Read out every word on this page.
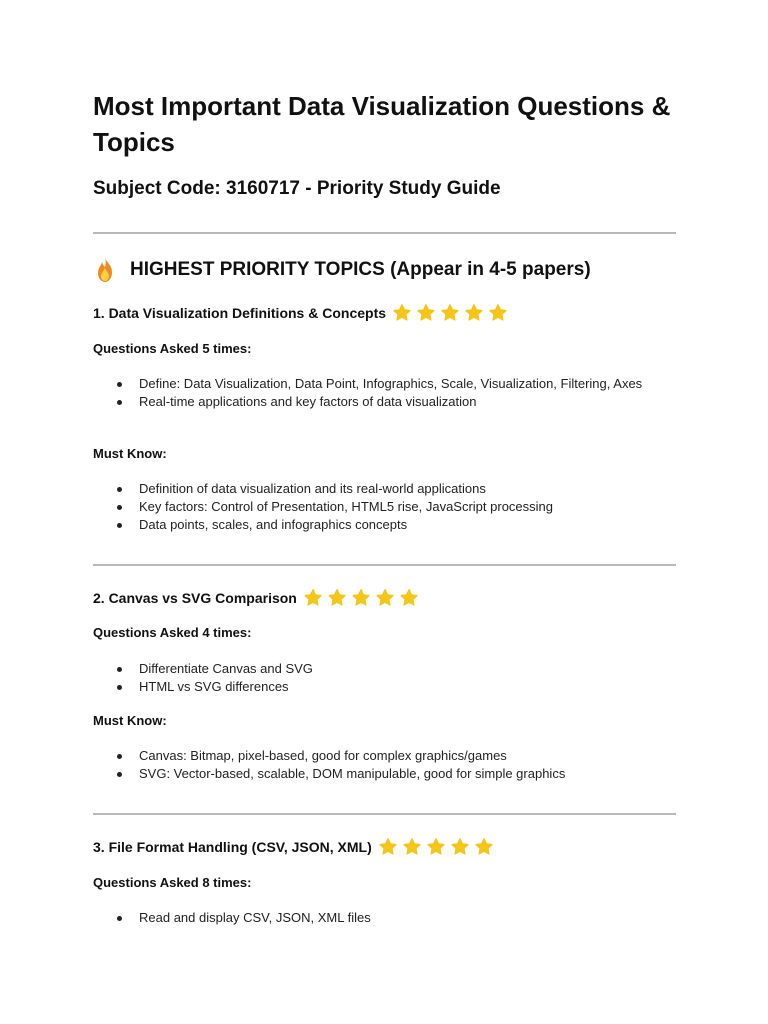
Most Important Data Visualization Questions & Topics
Subject Code: 3160717 - Priority Study Guide
HIGHEST PRIORITY TOPICS (Appear in 4-5 papers)
1. Data Visualization Definitions & Concepts
Questions Asked 5 times:
Define: Data Visualization, Data Point, Infographics, Scale, Visualization, Filtering, Axes
Real-time applications and key factors of data visualization
Must Know:
Definition of data visualization and its real-world applications
Key factors: Control of Presentation, HTML5 rise, JavaScript processing
Data points, scales, and infographics concepts
2. Canvas vs SVG Comparison
Questions Asked 4 times:
Differentiate Canvas and SVG
HTML vs SVG differences
Must Know:
Canvas: Bitmap, pixel-based, good for complex graphics/games
SVG: Vector-based, scalable, DOM manipulable, good for simple graphics
3. File Format Handling (CSV, JSON, XML)
Questions Asked 8 times:
Read and display CSV, JSON, XML files
